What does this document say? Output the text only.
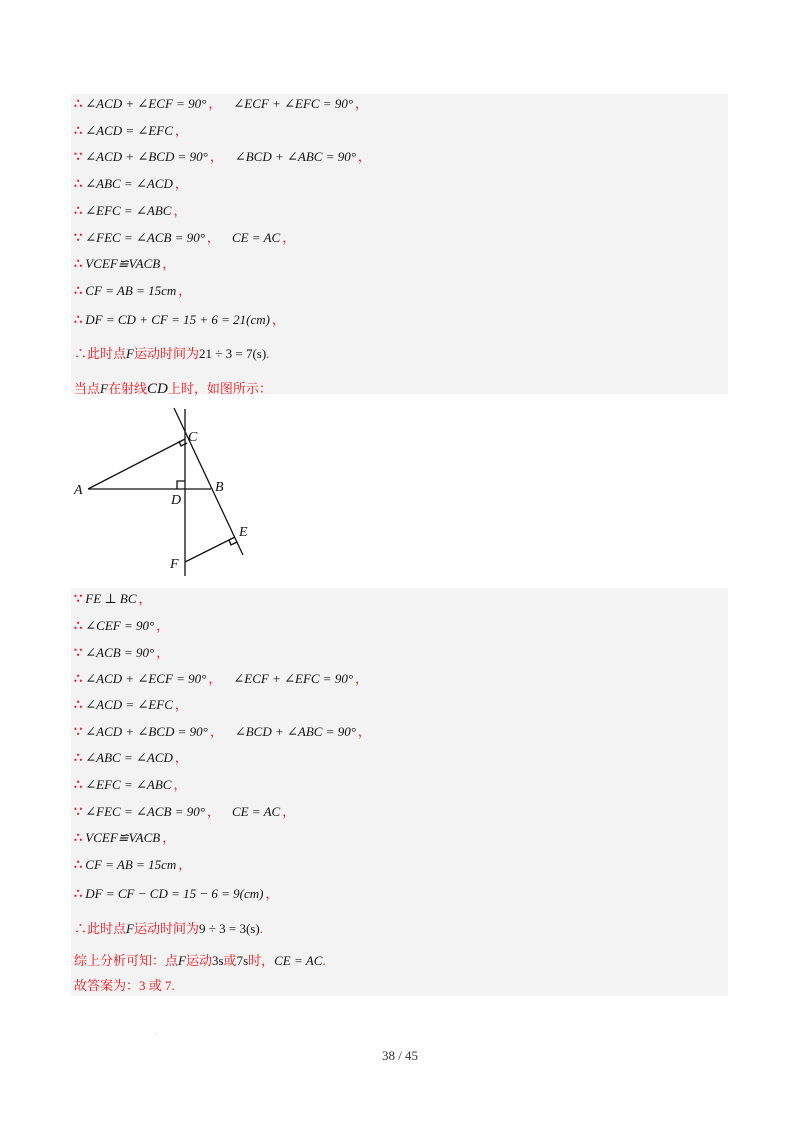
∴ ∠ACD + ∠ECF = 90° ， ∠ECF + ∠EFC = 90° ，
∴ ∠ACD = ∠EFC ，
∵ ∠ACD + ∠BCD = 90° ， ∠BCD + ∠ABC = 90° ，
∴ ∠ABC = ∠ACD ，
∴ ∠EFC = ∠ABC ，
∵ ∠FEC = ∠ACB = 90° ， CE = AC ，
∴ VCEF≌VACB ，
∴ CF = AB = 15cm ，
∴ DF = CD + CF = 15 + 6 = 21(cm) ，
∴此时点F运动时间为21 ÷ 3 = 7(s).
当点F在射线CD上时，如图所示：
C
A	B
D
E
F
∵ FE ⊥ BC ，
∴ ∠CEF = 90° ，
∵ ∠ACB = 90° ，
∴ ∠ACD + ∠ECF = 90° ， ∠ECF + ∠EFC = 90° ，
∴ ∠ACD = ∠EFC ，
∵ ∠ACD + ∠BCD = 90° ， ∠BCD + ∠ABC = 90° ，
∴ ∠ABC = ∠ACD ，
∴ ∠EFC = ∠ABC ，
∵ ∠FEC = ∠ACB = 90° ， CE = AC ，
∴ VCEF≌VACB ，
∴ CF = AB = 15cm ，
∴ DF = CF − CD = 15 − 6 = 9(cm) ，
∴此时点F运动时间为9 ÷ 3 = 3(s).
综上分析可知：点F运动3s或7s时，CE = AC.
故答案为：3 或 7.
·
38 / 45
